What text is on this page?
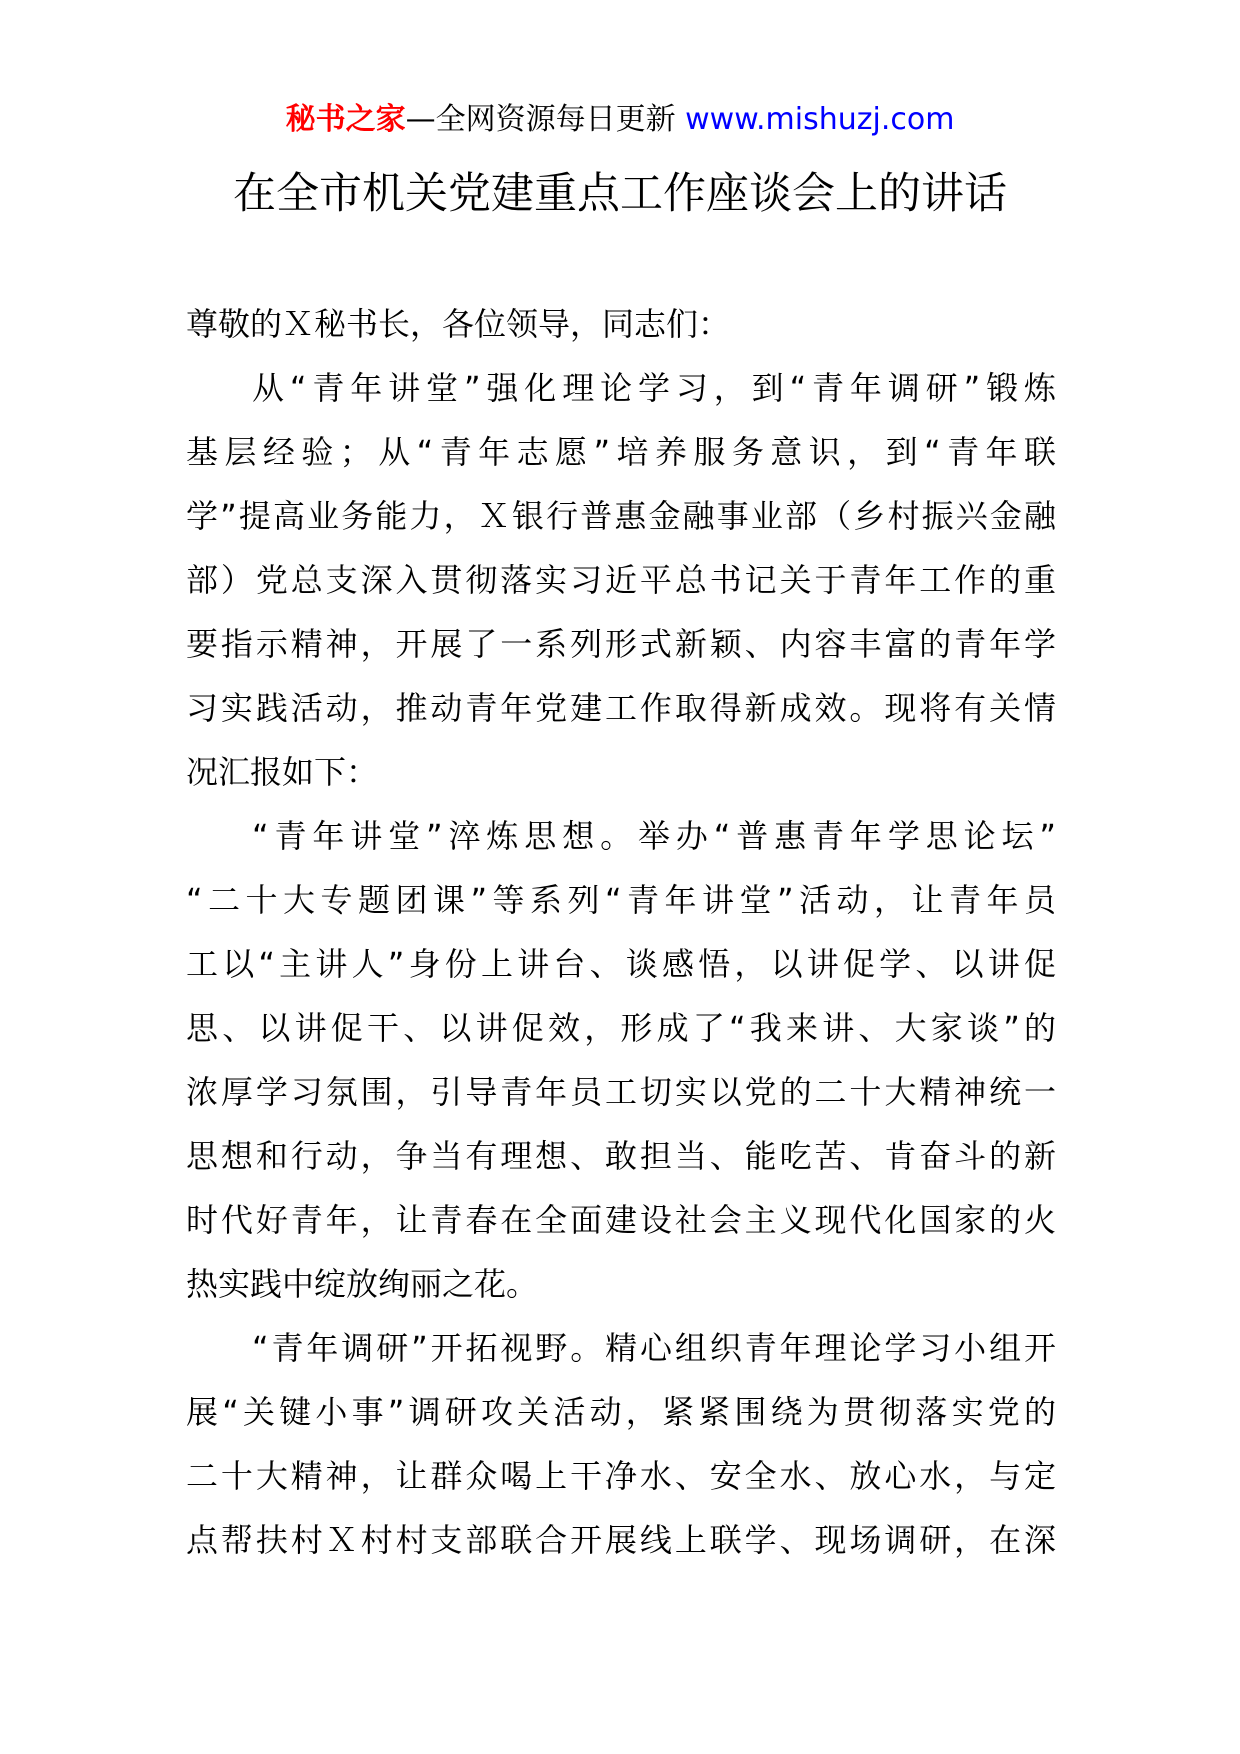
秘书之家—全网资源每日更新 www.mishuzj.com
在全市机关党建重点工作座谈会上的讲话

尊敬的Ｘ秘书长，各位领导，同志们：

从“青年讲堂”强化理论学习，到“青年调研”锻炼
基层经验；从“青年志愿”培养服务意识，到“青年联
学”提高业务能力，Ｘ银行普惠金融事业部（乡村振兴金融
部）党总支深入贯彻落实习近平总书记关于青年工作的重
要指示精神，开展了一系列形式新颖、内容丰富的青年学
习实践活动，推动青年党建工作取得新成效。现将有关情
况汇报如下：

“青年讲堂”淬炼思想。举办“普惠青年学思论坛”
“二十大专题团课”等系列“青年讲堂”活动，让青年员
工以“主讲人”身份上讲台、谈感悟，以讲促学、以讲促
思、以讲促干、以讲促效，形成了“我来讲、大家谈”的
浓厚学习氛围，引导青年员工切实以党的二十大精神统一
思想和行动，争当有理想、敢担当、能吃苦、肯奋斗的新
时代好青年，让青春在全面建设社会主义现代化国家的火
热实践中绽放绚丽之花。

“青年调研”开拓视野。精心组织青年理论学习小组开
展“关键小事”调研攻关活动，紧紧围绕为贯彻落实党的
二十大精神，让群众喝上干净水、安全水、放心水，与定
点帮扶村Ｘ村村支部联合开展线上联学、现场调研，在深
